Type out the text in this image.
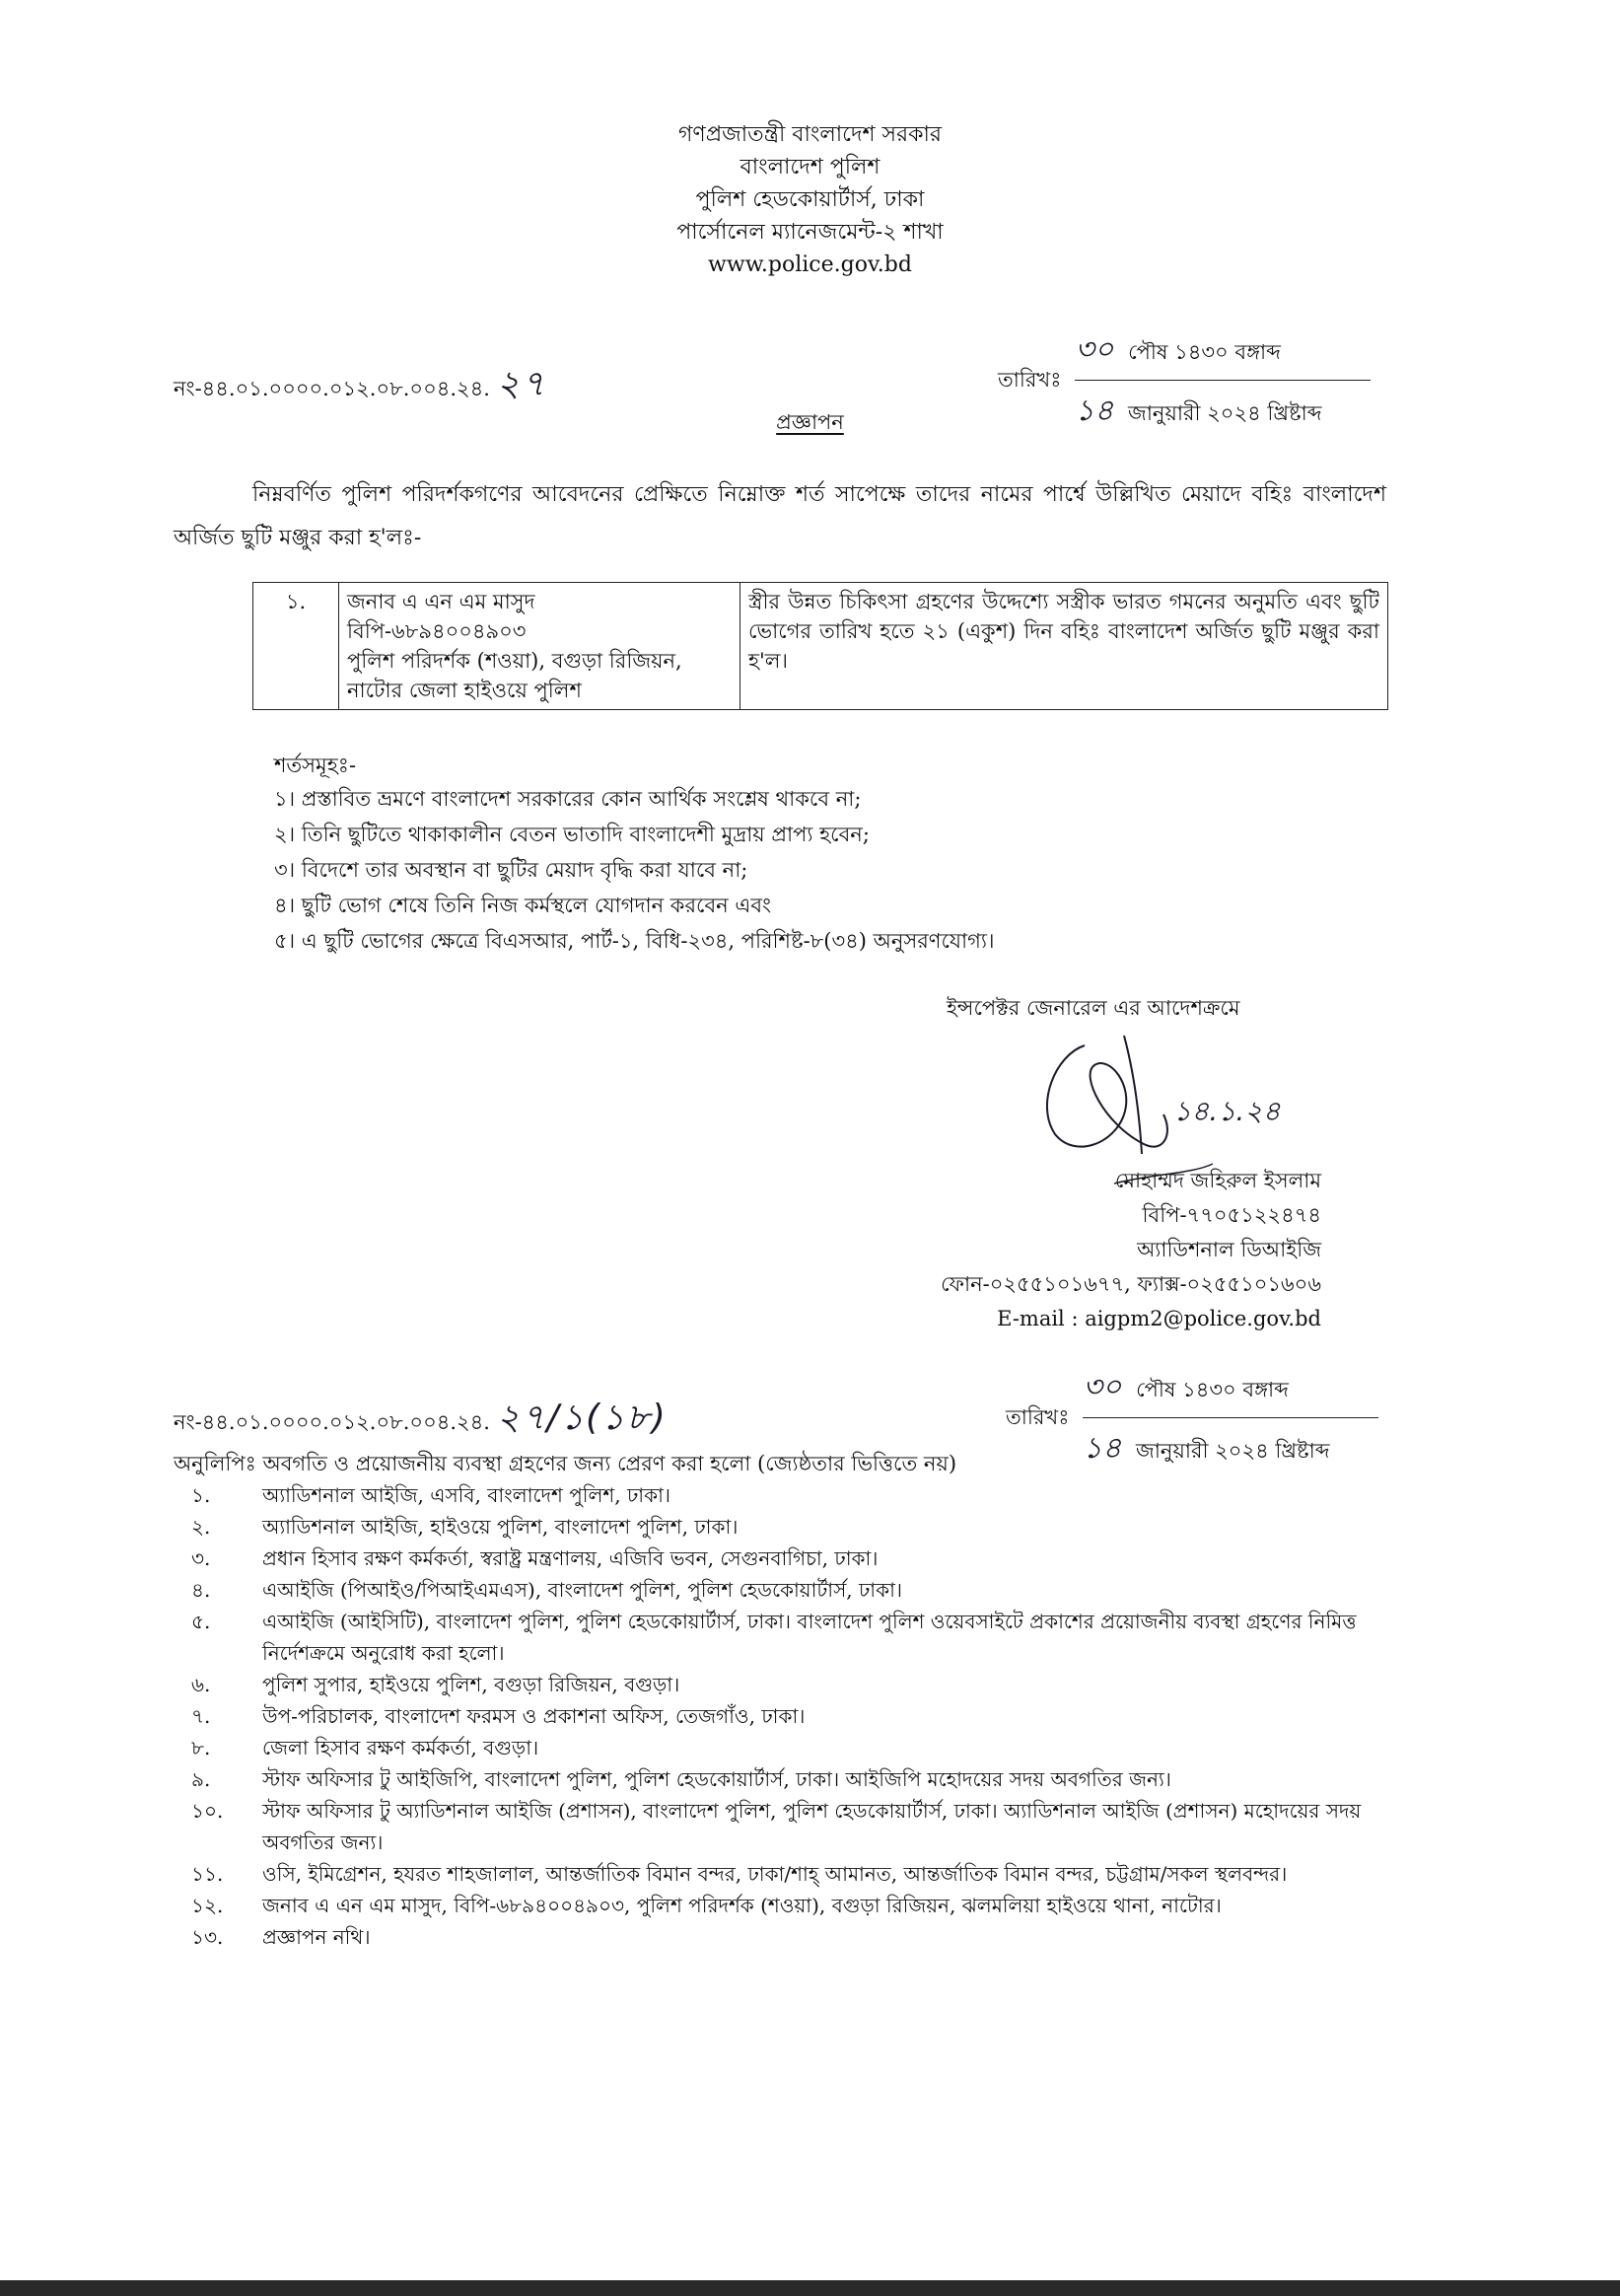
গণপ্রজাতন্ত্রী বাংলাদেশ সরকার
বাংলাদেশ পুলিশ
পুলিশ হেডকোয়ার্টার্স, ঢাকা
পার্সোনেল ম্যানেজমেন্ট-২ শাখা
www.police.gov.bd
নং-৪৪.০১.০০০০.০১২.০৮.০০৪.২৪. ২৭	তারিখঃ
৩০ পৌষ ১৪৩০ বঙ্গাব্দ
১৪ জানুয়ারী ২০২৪ খ্রিষ্টাব্দ
প্রজ্ঞাপন
নিম্নবর্ণিত পুলিশ পরিদর্শকগণের আবেদনের প্রেক্ষিতে নিম্নোক্ত শর্ত সাপেক্ষে তাদের নামের পার্শ্বে উল্লিখিত মেয়াদে বহিঃ বাংলাদেশ অর্জিত ছুটি মঞ্জুর করা হ'লঃ-
১.	জনাব এ এন এম মাসুদ
বিপি-৬৮৯৪০০৪৯০৩
পুলিশ পরিদর্শক (শওয়া), বগুড়া রিজিয়ন,
নাটোর জেলা হাইওয়ে পুলিশ
	স্ত্রীর উন্নত চিকিৎসা গ্রহণের উদ্দেশ্যে সস্ত্রীক ভারত গমনের অনুমতি এবং ছুটি ভোগের তারিখ হতে ২১ (একুশ) দিন বহিঃ বাংলাদেশ অর্জিত ছুটি মঞ্জুর করা হ'ল।
শর্তসমূহঃ-
১। প্রস্তাবিত ভ্রমণে বাংলাদেশ সরকারের কোন আর্থিক সংশ্লেষ থাকবে না;
২। তিনি ছুটিতে থাকাকালীন বেতন ভাতাদি বাংলাদেশী মুদ্রায় প্রাপ্য হবেন;
৩। বিদেশে তার অবস্থান বা ছুটির মেয়াদ বৃদ্ধি করা যাবে না;
৪। ছুটি ভোগ শেষে তিনি নিজ কর্মস্থলে যোগদান করবেন এবং
৫। এ ছুটি ভোগের ক্ষেত্রে বিএসআর, পার্ট-১, বিধি-২৩৪, পরিশিষ্ট-৮(৩৪) অনুসরণযোগ্য।
ইন্সপেক্টর জেনারেল এর আদেশক্রমে
১৪.১.২৪
মোহাম্মদ জহিরুল ইসলাম
বিপি-৭৭০৫১২২৪৭৪
অ্যাডিশনাল ডিআইজি
ফোন-০২৫৫১০১৬৭৭, ফ্যাক্স-০২৫৫১০১৬০৬
E-mail : aigpm2@police.gov.bd
নং-৪৪.০১.০০০০.০১২.০৮.০০৪.২৪. ২৭/১(১৮)	তারিখঃ
৩০ পৌষ ১৪৩০ বঙ্গাব্দ
১৪ জানুয়ারী ২০২৪ খ্রিষ্টাব্দ
অনুলিপিঃ অবগতি ও প্রয়োজনীয় ব্যবস্থা গ্রহণের জন্য প্রেরণ করা হলো (জ্যেষ্ঠতার ভিত্তিতে নয়)
১.	অ্যাডিশনাল আইজি, এসবি, বাংলাদেশ পুলিশ, ঢাকা।
২.	অ্যাডিশনাল আইজি, হাইওয়ে পুলিশ, বাংলাদেশ পুলিশ, ঢাকা।
৩.	প্রধান হিসাব রক্ষণ কর্মকর্তা, স্বরাষ্ট্র মন্ত্রণালয়, এজিবি ভবন, সেগুনবাগিচা, ঢাকা।
৪.	এআইজি (পিআইও/পিআইএমএস), বাংলাদেশ পুলিশ, পুলিশ হেডকোয়ার্টার্স, ঢাকা।
৫.	এআইজি (আইসিটি), বাংলাদেশ পুলিশ, পুলিশ হেডকোয়ার্টার্স, ঢাকা। বাংলাদেশ পুলিশ ওয়েবসাইটে প্রকাশের প্রয়োজনীয় ব্যবস্থা গ্রহণের নিমিত্ত নির্দেশক্রমে অনুরোধ করা হলো।
৬.	পুলিশ সুপার, হাইওয়ে পুলিশ, বগুড়া রিজিয়ন, বগুড়া।
৭.	উপ-পরিচালক, বাংলাদেশ ফরমস ও প্রকাশনা অফিস, তেজগাঁও, ঢাকা।
৮.	জেলা হিসাব রক্ষণ কর্মকর্তা, বগুড়া।
৯.	স্টাফ অফিসার টু আইজিপি, বাংলাদেশ পুলিশ, পুলিশ হেডকোয়ার্টার্স, ঢাকা। আইজিপি মহোদয়ের সদয় অবগতির জন্য।
১০.	স্টাফ অফিসার টু অ্যাডিশনাল আইজি (প্রশাসন), বাংলাদেশ পুলিশ, পুলিশ হেডকোয়ার্টার্স, ঢাকা। অ্যাডিশনাল আইজি (প্রশাসন) মহোদয়ের সদয় অবগতির জন্য।
১১.	ওসি, ইমিগ্রেশন, হযরত শাহজালাল, আন্তর্জাতিক বিমান বন্দর, ঢাকা/শাহ্ আমানত, আন্তর্জাতিক বিমান বন্দর, চট্টগ্রাম/সকল স্থলবন্দর।
১২.	জনাব এ এন এম মাসুদ, বিপি-৬৮৯৪০০৪৯০৩, পুলিশ পরিদর্শক (শওয়া), বগুড়া রিজিয়ন, ঝলমলিয়া হাইওয়ে থানা, নাটোর।
১৩.	প্রজ্ঞাপন নথি।
